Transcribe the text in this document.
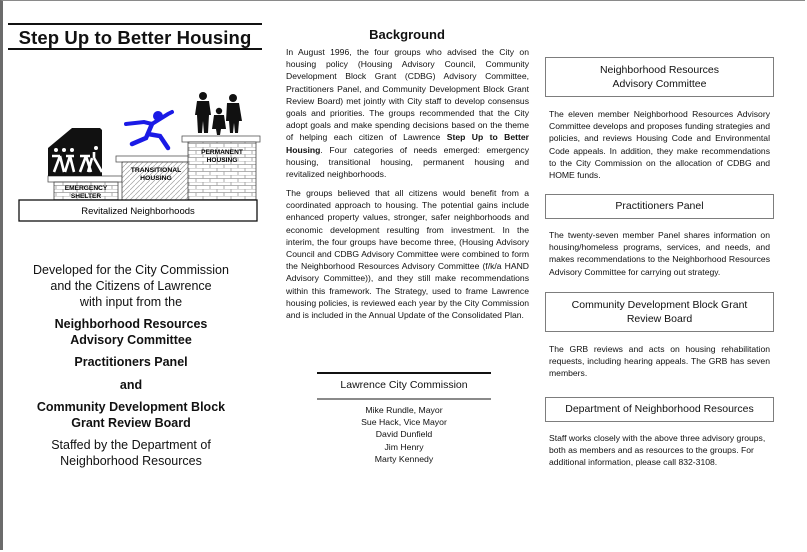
Step Up to Better Housing
EMERGENCY
SHELTER
TRANSITIONAL
HOUSING
PERMANENT
HOUSING
Revitalized Neighborhoods
Developed for the City Commission
and the Citizens of Lawrence
with input from the
Neighborhood Resources
Advisory Committee
Practitioners Panel
and
Community Development Block
Grant Review Board
Staffed by the Department of
Neighborhood Resources
Background
In August 1996, the four groups who advised the City on housing policy (Housing Advisory Council, Community Development Block Grant (CDBG) Advisory Committee, Practitioners Panel, and Community Development Block Grant Review Board) met jointly with City staff to develop consensus goals and priorities. The groups recommended that the City adopt goals and make spending decisions based on the theme of helping each citizen of Lawrence Step Up to Better Housing. Four categories of needs emerged: emergency housing, transitional housing, permanent housing and revitalized neighborhoods.
The groups believed that all citizens would benefit from a coordinated approach to housing. The potential gains include enhanced property values, stronger, safer neighborhoods and economic development resulting from investment. In the interim, the four groups have become three, (Housing Advisory Council and CDBG Advisory Committee were combined to form the Neighborhood Resources Advisory Committee (f/k/a HAND Advisory Committee)), and they still make recommendations within this framework. The Strategy, used to frame Lawrence housing policies, is reviewed each year by the City Commission and is included in the Annual Update of the Consolidated Plan.
Lawrence City Commission
Mike Rundle, Mayor
Sue Hack, Vice Mayor
David Dunfield
Jim Henry
Marty Kennedy
Neighborhood Resources
Advisory Committee
The eleven member Neighborhood Resources Advisory Committee develops and proposes funding strategies and policies, and reviews Housing Code and Environmental Code appeals. In addition, they make recommendations to the City Commission on the allocation of CDBG and HOME funds.
Practitioners Panel
The twenty-seven member Panel shares information on housing/homeless programs, services, and needs, and makes recommendations to the Neighborhood Resources Advisory Committee for carrying out strategy.
Community Development Block Grant
Review Board
The GRB reviews and acts on housing rehabilitation requests, including hearing appeals. The GRB has seven members.
Department of Neighborhood Resources
Staff works closely with the above three advisory groups, both as members and as resources to the groups. For additional information, please call 832-3108.
